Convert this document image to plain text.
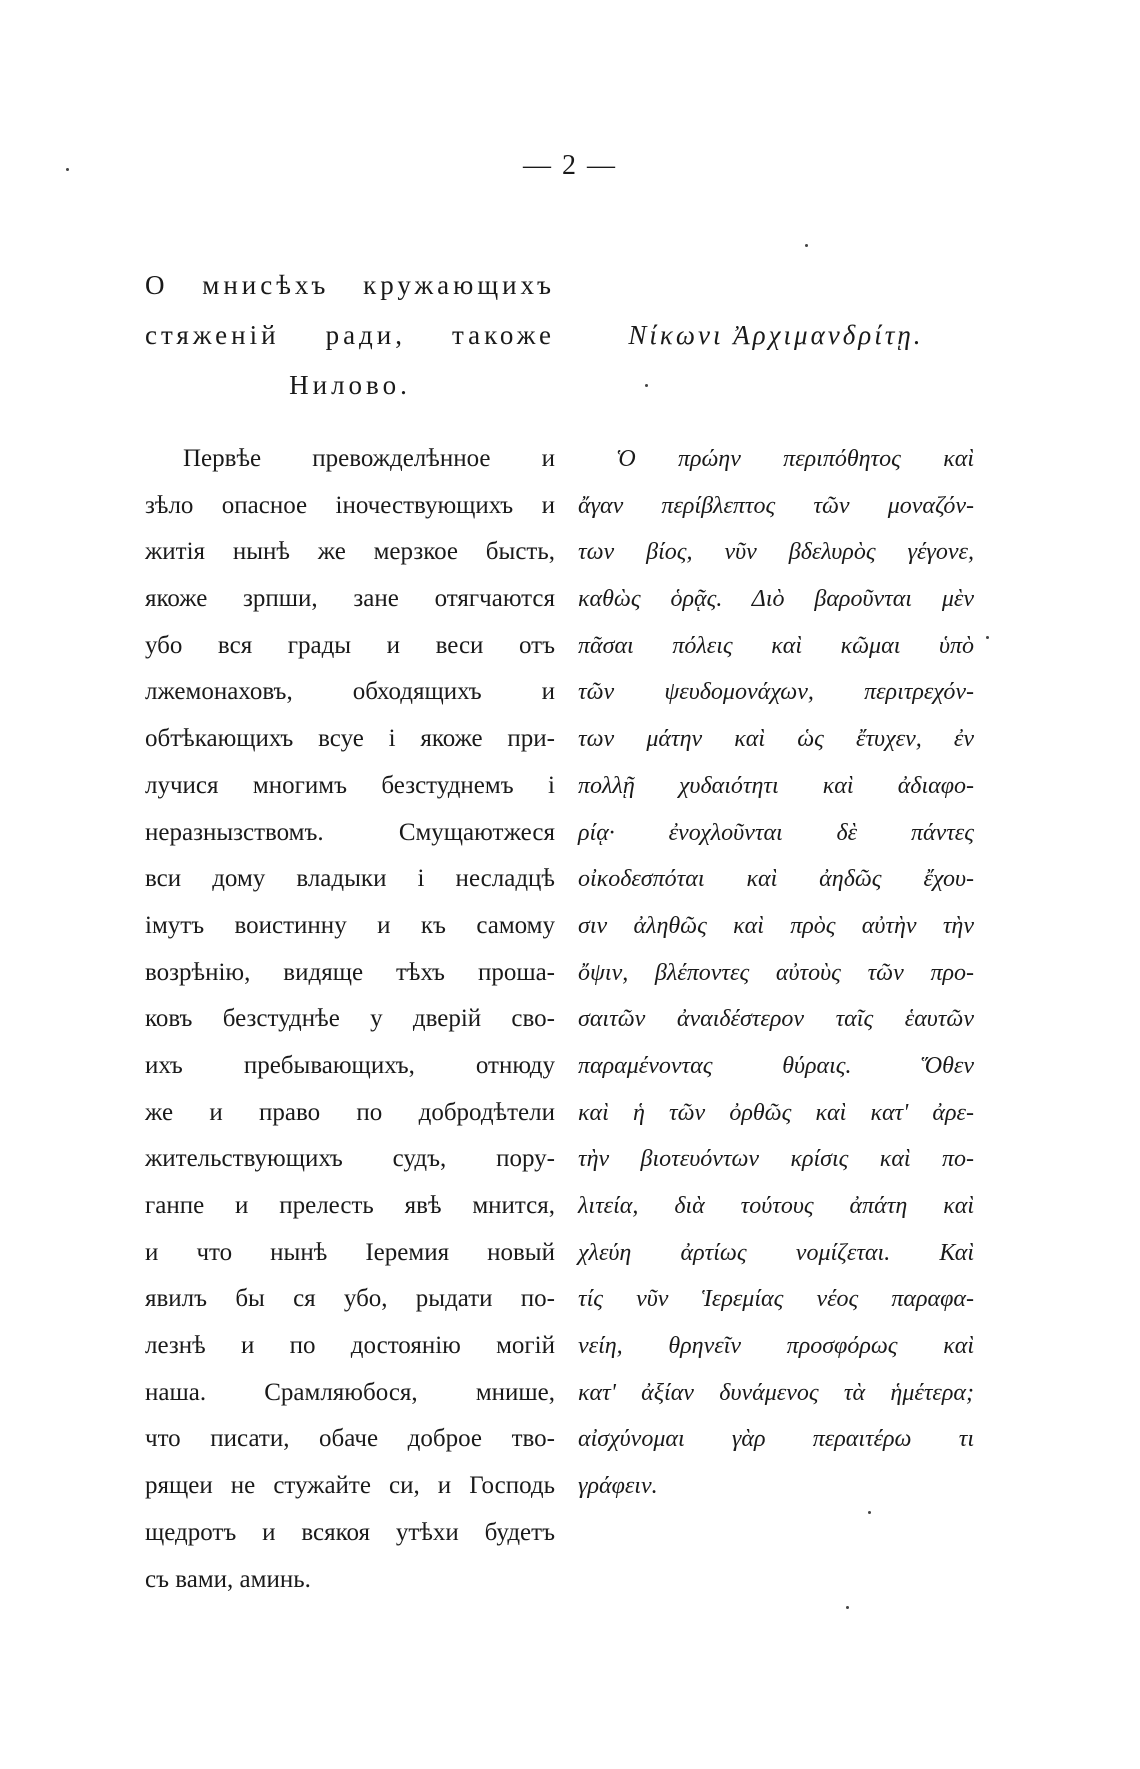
— 2 —
О мнисѣхъ кружающихъ
стяженій ради, такоже
Нилово.
Первѣе превожделѣнное и
зѣло опасное іночествующихъ и
житія нынѣ же мерзкое бысть,
якоже зрпши, зане отягчаются
убо вся грады и веси отъ
лжемонаховъ, обходящихъ и
обтѣкающихъ всуе і якоже при-
лучися многимъ безстуднемъ і
неразнызствомъ. Смущаютжеся
вси дому владыки і несладцѣ
імутъ воистинну и къ самому
возрѣнію, видяще тѣхъ прошa-
ковъ безстуднѣе у дверій сво-
ихъ пребывающихъ, отнюду
же и право по добродѣтели
жительствующихъ судъ, пору-
ганпе и прелесть явѣ мнится,
и что нынѣ Іеремия новый
явилъ бы ся убо, рыдати по-
лезнѣ и по достоянію могій
наша. Срамляюбося, мнише,
что писати, обаче доброе тво-
рящеи не стужайте си, и Господь
щедротъ и всякоя утѣхи будетъ
съ вами, аминь.
Νίκωνι Ἀρχιμανδρίτῃ.
Ὁ πρώην περιπόθητος καὶ
ἄγαν περίβλεπτος τῶν μοναζόν-
των βίος, νῦν βδελυρὸς γέγονε,
καθὼς ὁρᾷς. Διὸ βαροῦνται μὲν
πᾶσαι πόλεις καὶ κῶμαι ὑπὸ
τῶν ψευδομονάχων, περιτρεχόν-
των μάτην καὶ ὡς ἔτυχεν, ἐν
πολλῇ χυδαιότητι καὶ ἀδιαφο-
ρίᾳ· ἐνοχλοῦνται δὲ πάντες
οἰκοδεσπόται καὶ ἀηδῶς ἔχου-
σιν ἀληθῶς καὶ πρὸς αὐτὴν τὴν
ὄψιν, βλέποντες αὐτοὺς τῶν προ-
σαιτῶν ἀναιδέστερον ταῖς ἑαυτῶν
παραμένοντας θύραις. Ὅθεν
καὶ ἡ τῶν ὀρθῶς καὶ κατ' ἀρε-
τὴν βιοτευόντων κρίσις καὶ πο-
λιτεία, διὰ τούτους ἀπάτη καὶ
χλεύη ἀρτίως νομίζεται. Καὶ
τίς νῦν Ἱερεμίας νέος παραφα-
νείη, θρηνεῖν προσφόρως καὶ
κατ' ἀξίαν δυνάμενος τὰ ἡμέτερα;
αἰσχύνομαι γὰρ περαιτέρω τι
γράφειν.
